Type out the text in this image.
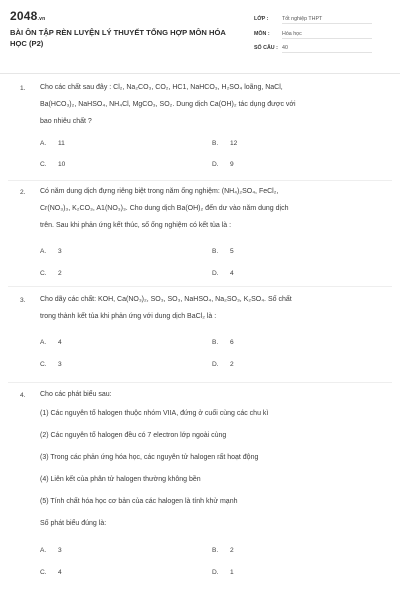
2048.vn
BÀI ÔN TẬP RÈN LUYỆN LÝ THUYẾT TỔNG HỢP MÔN HÓA
HỌC (P2)
LỚP :	Tốt nghiệp THPT
MÔN :	Hóa học
SỐ CÂU : 40
1. Cho các chất sau đây : Cl₂, Na₂CO₃, CO₂, HC1, NaHCO₃, H₂SO₄ loãng, NaCl,
Ba(HCO₃)₂, NaHSO₄, NH₄Cl, MgCO₃, SO₂. Dung dịch Ca(OH)₂ tác dụng được với
bao nhiêu chất ?
A. 11	B. 12
C. 10	D. 9
2. Có năm dung dịch đựng riêng biệt trong năm ống nghiệm: (NH₄)₂SO₄, FeCl₂,
Cr(NO₃)₃, K₂CO₃, A1(NO₃)₃. Cho dung dịch Ba(OH)₂ đến dư vào năm dung dịch
trên. Sau khi phản ứng kết thúc, số ống nghiệm có kết tủa là :
A. 3	B. 5
C. 2	D. 4
3. Cho dãy các chất: KOH, Ca(NO₃)₂, SO₃, SO₃, NaHSO₄, Na₂SO₃, K₂SO₄. Số chất
trong thành kết tủa khi phản ứng với dung dịch BaCl₂ là :
A. 4	B. 6
C. 3	D. 2
4. Cho các phát biểu sau:
(1) Các nguyên tố halogen thuộc nhóm VIIA, đứng ở cuối cùng các chu kì
(2) Các nguyên tố halogen đều có 7 electron lớp ngoài cùng
(3) Trong các phản ứng hóa học, các nguyên tử halogen rất hoạt động
(4) Liên kết của phân tử halogen thường không bền
(5) Tính chất hóa học cơ bản của các halogen là tính khử mạnh
Số phát biểu đúng là:
A. 3	B. 2
C. 4	D. 1
